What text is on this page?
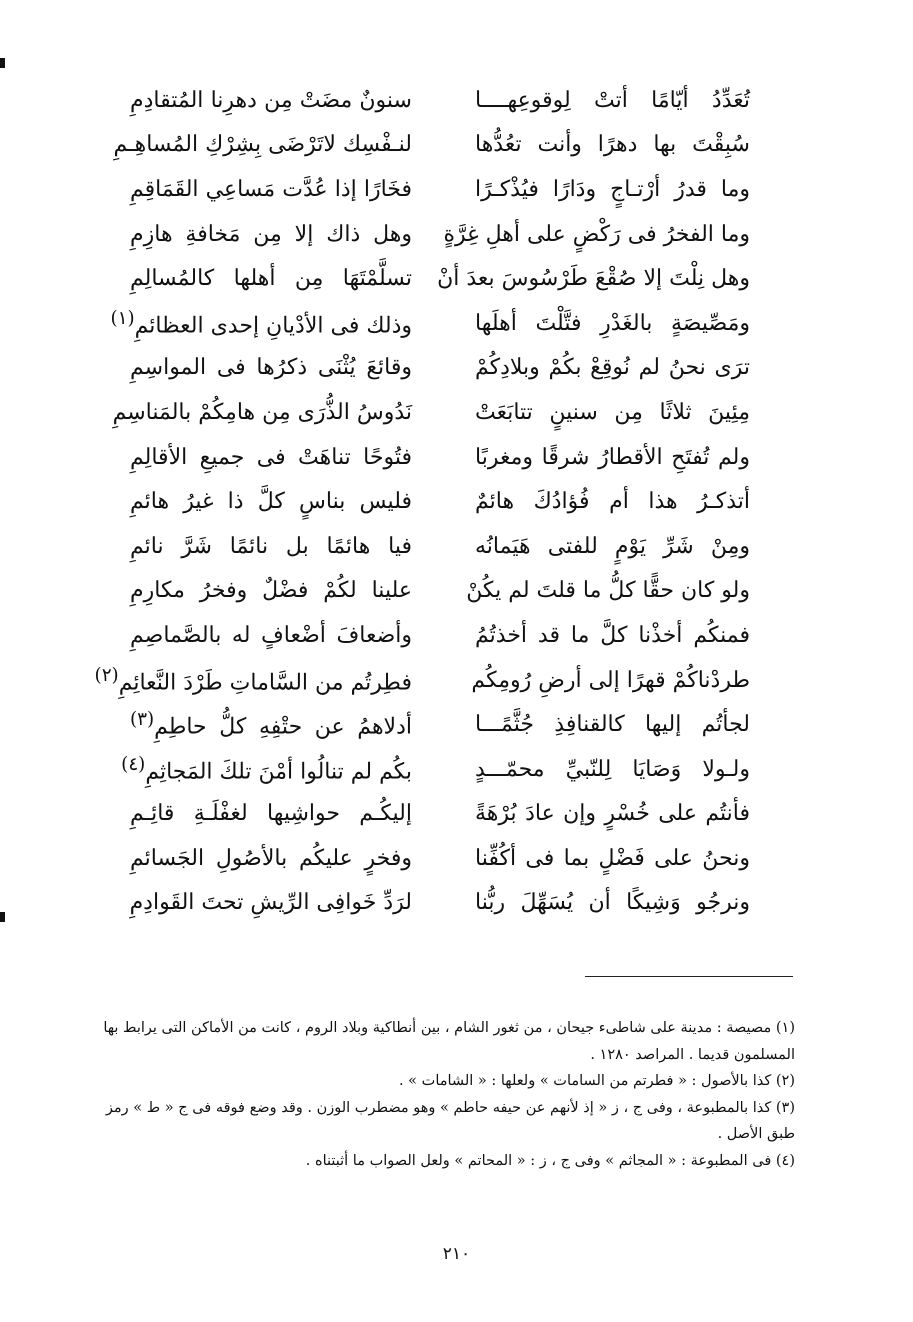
تُعَدِّدُ أيّامًا أتتْ لِوقوعِهــــا
سنونٌ مضَتْ مِن دهرِنا المُتقادِمِ
سُبِقْتَ بها دهرًا وأنت تعُدُّها
لنـفْسِك لاتَرْضَى بِشِرْكِ المُساهِـمِ
وما قدرُ أرْتـاجٍ ودَارًا فيُذْكـرًا
فخَارًا إذا عُدَّت مَساعِي القَمَاقِمِ
وما الفخرُ فى رَكْضٍ على أهلِ غِرَّةٍ
وهل ذاك إلا مِن مَخافةِ هازِمِ
وهل نِلْتَ إلا صُقْعَ طَرْسُوسَ بعدَ أنْ
تسلَّمْتَهَا مِن أهلها كالمُسالِمِ
ومَصِّيصَةٍ بالغَدْرِ فتَّلْتَ أهلَها
وذلك فى الأدْيانِ إحدى العظائمِ$^{(١)}$
ترَى نحنُ لم نُوقِعْ بكُمْ وبلادِكُمْ
وقائعَ يُثْنَى ذكرُها فى المواسِمِ
مِئِينَ ثلاثًا مِن سنينٍ تتابَعَتْ
نَدُوسُ الذُّرَى مِن هامِكُمْ بالمَناسِمِ
ولم تُفتَحِ الأقطارُ شرقًا ومغربًا
فتُوحًا تناهَتْ فى جميعِ الأقالِمِ
أتذكـرُ هذا أم فُؤادُكَ هائمٌ
فليس بناسٍ كلَّ ذا غيرُ هائمِ
ومِنْ شَرِّ يَوْمٍ للفتى هَيَمانُه
فيا هائمًا بل نائمًا شَرَّ نائمِ
ولو كان حقًّا كلُّ ما قلتَ لم يكُنْ
علينا لكُمْ فضْلٌ وفخرُ مكارِمِ
فمنكُم أخذْنا كلَّ ما قد أخذتُمُ
وأضعافَ أضْعافٍ له بالصَّماصِمِ
طردْناكُمْ قهرًا إلى أرضِ رُومِكُم
فطِرتُم من السَّاماتِ طَرْدَ النَّعائِمِ$^{(٢)}$
لجأتُم إليها كالقنافِذِ جُثَّمًـــا
أدلاهمُ عن حتْفِهِ كلُّ حاطِمِ$^{(٣)}$
ولـولا وَصَايَا لِلنّبيِّ محمّـــدٍ
بكُم لم تنالُوا أمْنَ تلكَ المَجاثِمِ$^{(٤)}$
فأنتُم على خُسْرٍ وإن عادَ بُرْهَةً
إليكُـم حواشِيها لغفْلَـةِ قائِـمِ
ونحنُ على فَضْلٍ بما فى أكُفِّنا
وفخرٍ عليكُم بالأصُولِ الجَسائمِ
ونرجُو وَشِيكًا أن يُسَهِّلَ ربُّنا
لرَدِّ خَوافِى الرِّيشِ تحتَ القَوادِمِ

(١) مصيصة : مدينة على شاطىء جيحان ، من ثغور الشام ، بين أنطاكية وبلاد الروم ، كانت من الأماكن التى يرابط بها

المسلمون قديما . المراصد ١٢٨٠ .

(٢) كذا بالأصول : « فطرتم من السامات » ولعلها : « الشامات » .

(٣) كذا بالمطبوعة ، وفى ج ، ز « إذ لأنهم عن حيفه حاطم » وهو مضطرب الوزن . وقد وضع فوقه فى ج « ط » رمز

طبق الأصل .

(٤) فى المطبوعة : « المجاثم » وفى ج ، ز : « المحاتم » ولعل الصواب ما أثبتناه .

٢١٠
